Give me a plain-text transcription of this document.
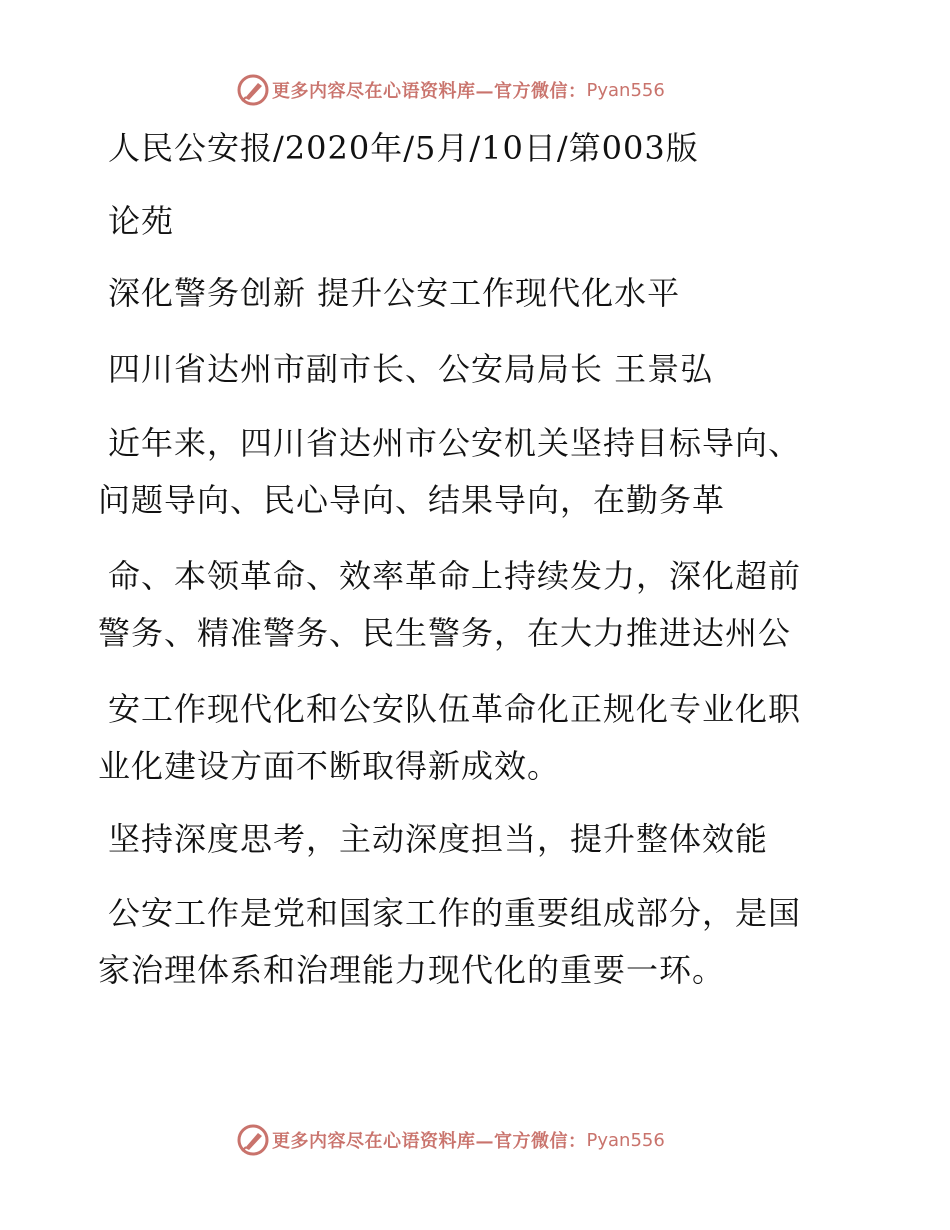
更多内容尽在心语资料库—官方微信： Pyan556

人民公安报/2020年/5月/10日/第003版

论苑

深化警务创新 提升公安工作现代化水平

四川省达州市副市长、公安局局长 王景弘

近年来，四川省达州市公安机关坚持目标导向、

问题导向、民心导向、结果导向，在勤务革

命、本领革命、效率革命上持续发力，深化超前

警务、精准警务、民生警务，在大力推进达州公

安工作现代化和公安队伍革命化正规化专业化职

业化建设方面不断取得新成效。

坚持深度思考，主动深度担当，提升整体效能

公安工作是党和国家工作的重要组成部分，是国

家治理体系和治理能力现代化的重要一环。

更多内容尽在心语资料库—官方微信： Pyan556
